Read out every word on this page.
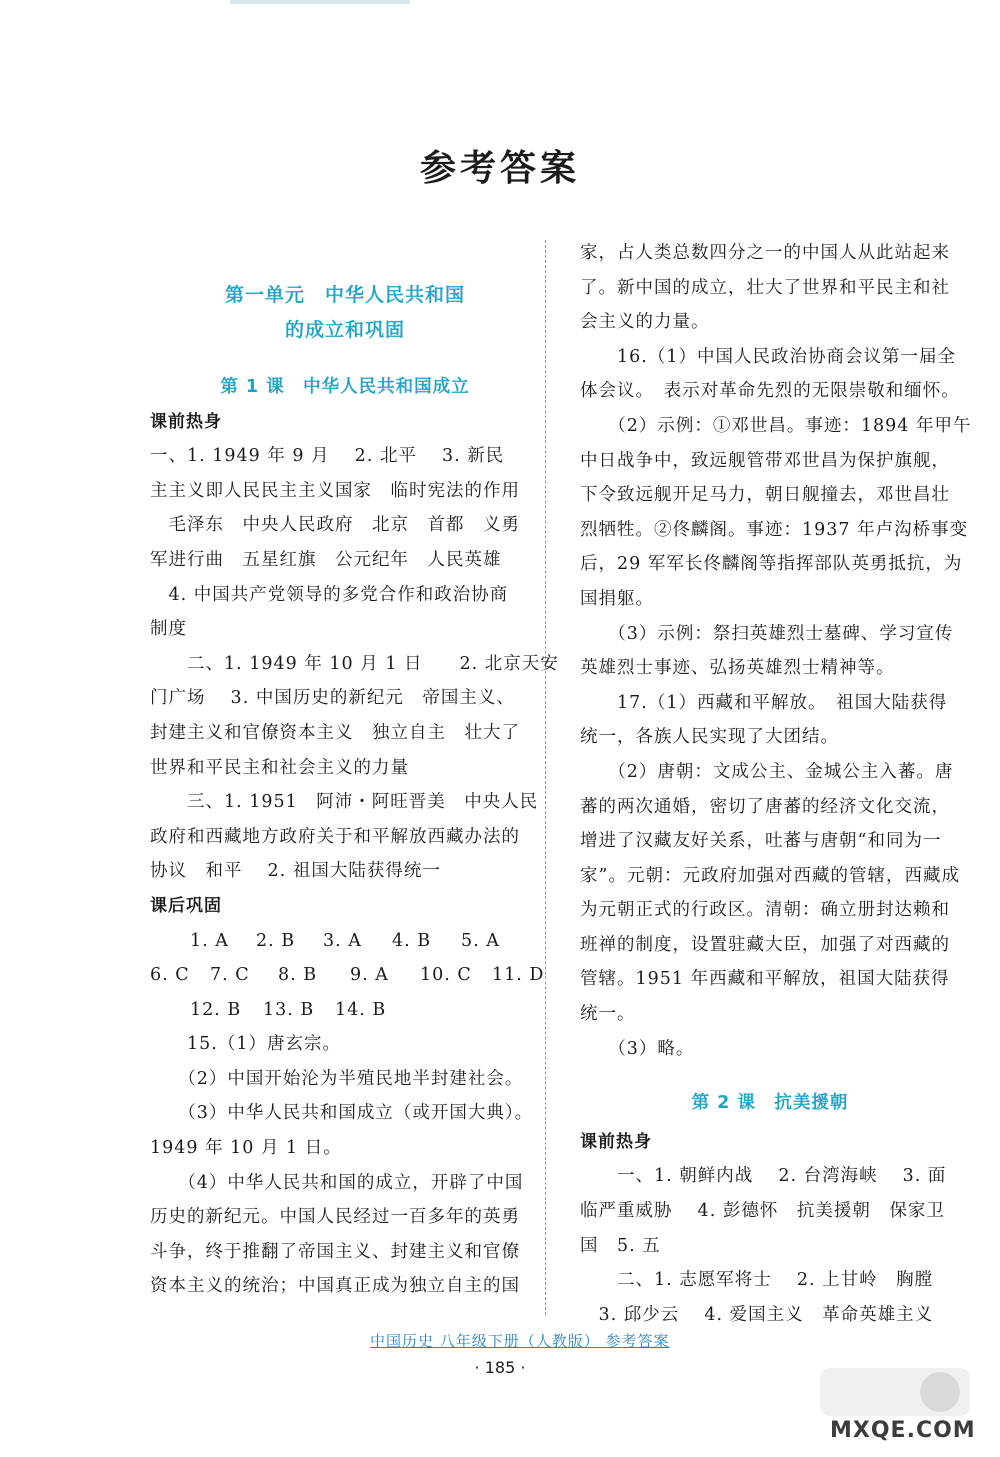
参考答案
第一单元　中华人民共和国
的成立和巩固
第 1 课　中华人民共和国成立
课前热身
一、1. 1949 年 9 月　 2. 北平　 3. 新民
主主义即人民民主主义国家　临时宪法的作用
　毛泽东　中央人民政府　北京　首都　义勇
军进行曲　五星红旗　公元纪年　人民英雄
　4. 中国共产党领导的多党合作和政治协商
制度
　　二、1. 1949 年 10 月 1 日　　2. 北京天安
门广场　 3. 中国历史的新纪元　帝国主义、
封建主义和官僚资本主义　独立自主　壮大了
世界和平民主和社会主义的力量
　　三、1. 1951　阿沛・阿旺晋美　中央人民
政府和西藏地方政府关于和平解放西藏办法的
协议　和平　 2. 祖国大陆获得统一
课后巩固
1. A 2. B 3. A 4. B 5. A
6. C 7. C 8. B 9. A 10. C 11. D
12. B 13. B 14. B
　　15.（1）唐玄宗。
　　（2）中国开始沦为半殖民地半封建社会。
　　（3）中华人民共和国成立（或开国大典）。
1949 年 10 月 1 日。
　　（4）中华人民共和国的成立，开辟了中国
历史的新纪元。中国人民经过一百多年的英勇
斗争，终于推翻了帝国主义、封建主义和官僚
资本主义的统治；中国真正成为独立自主的国
家，占人类总数四分之一的中国人从此站起来
了。新中国的成立，壮大了世界和平民主和社
会主义的力量。
　　16.（1）中国人民政治协商会议第一届全
体会议。　表示对革命先烈的无限崇敬和缅怀。
　　（2）示例：①邓世昌。事迹：1894 年甲午
中日战争中，致远舰管带邓世昌为保护旗舰，
下令致远舰开足马力，朝日舰撞去，邓世昌壮
烈牺牲。②佟麟阁。事迹：1937 年卢沟桥事变
后，29 军军长佟麟阁等指挥部队英勇抵抗，为
国捐躯。
　　（3）示例：祭扫英雄烈士墓碑、学习宣传
英雄烈士事迹、弘扬英雄烈士精神等。
　　17.（1）西藏和平解放。　祖国大陆获得
统一，各族人民实现了大团结。
　　（2）唐朝：文成公主、金城公主入蕃。唐
蕃的两次通婚，密切了唐蕃的经济文化交流，
增进了汉藏友好关系，吐蕃与唐朝“和同为一
家”。元朝：元政府加强对西藏的管辖，西藏成
为元朝正式的行政区。清朝：确立册封达赖和
班禅的制度，设置驻藏大臣，加强了对西藏的
管辖。1951 年西藏和平解放，祖国大陆获得
统一。
　　（3）略。
第 2 课　抗美援朝
课前热身
　　一、1. 朝鲜内战　 2. 台湾海峡　 3. 面
临严重威胁　 4. 彭德怀　抗美援朝　保家卫
国　5. 五
　　二、1. 志愿军将士　 2. 上甘岭　胸膛
　3. 邱少云　 4. 爱国主义　革命英雄主义
中国历史 八年级下册（人教版） 参考答案
· 185 ·
MXQE.COM
